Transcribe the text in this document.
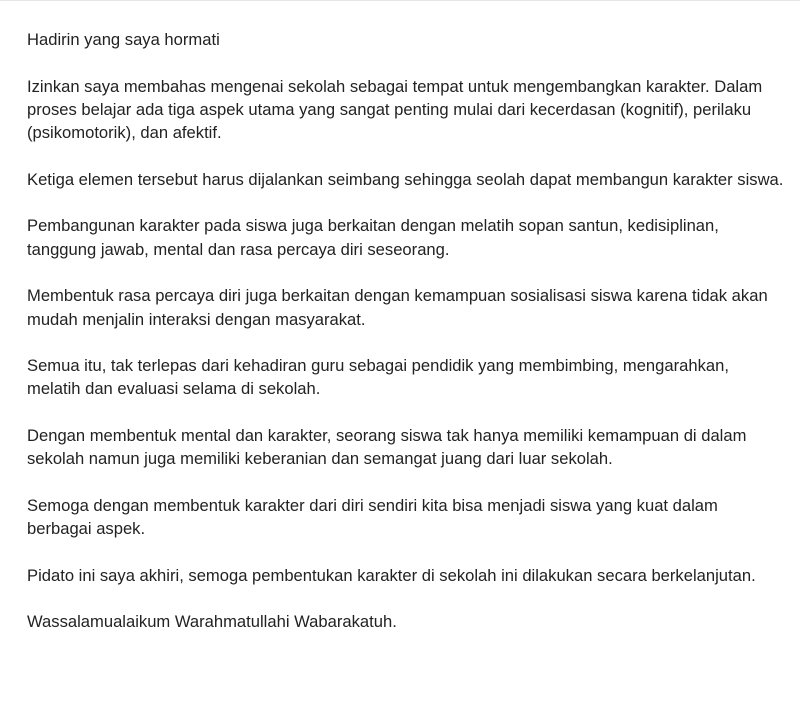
Hadirin yang saya hormati

Izinkan saya membahas mengenai sekolah sebagai tempat untuk mengembangkan karakter. Dalam proses belajar ada tiga aspek utama yang sangat penting mulai dari kecerdasan (kognitif), perilaku (psikomotorik), dan afektif.

Ketiga elemen tersebut harus dijalankan seimbang sehingga seolah dapat membangun karakter siswa.

Pembangunan karakter pada siswa juga berkaitan dengan melatih sopan santun, kedisiplinan, tanggung jawab, mental dan rasa percaya diri seseorang.

Membentuk rasa percaya diri juga berkaitan dengan kemampuan sosialisasi siswa karena tidak akan mudah menjalin interaksi dengan masyarakat.

Semua itu, tak terlepas dari kehadiran guru sebagai pendidik yang membimbing, mengarahkan, melatih dan evaluasi selama di sekolah.

Dengan membentuk mental dan karakter, seorang siswa tak hanya memiliki kemampuan di dalam sekolah namun juga memiliki keberanian dan semangat juang dari luar sekolah.

Semoga dengan membentuk karakter dari diri sendiri kita bisa menjadi siswa yang kuat dalam berbagai aspek.

Pidato ini saya akhiri, semoga pembentukan karakter di sekolah ini dilakukan secara berkelanjutan.

Wassalamualaikum Warahmatullahi Wabarakatuh.
